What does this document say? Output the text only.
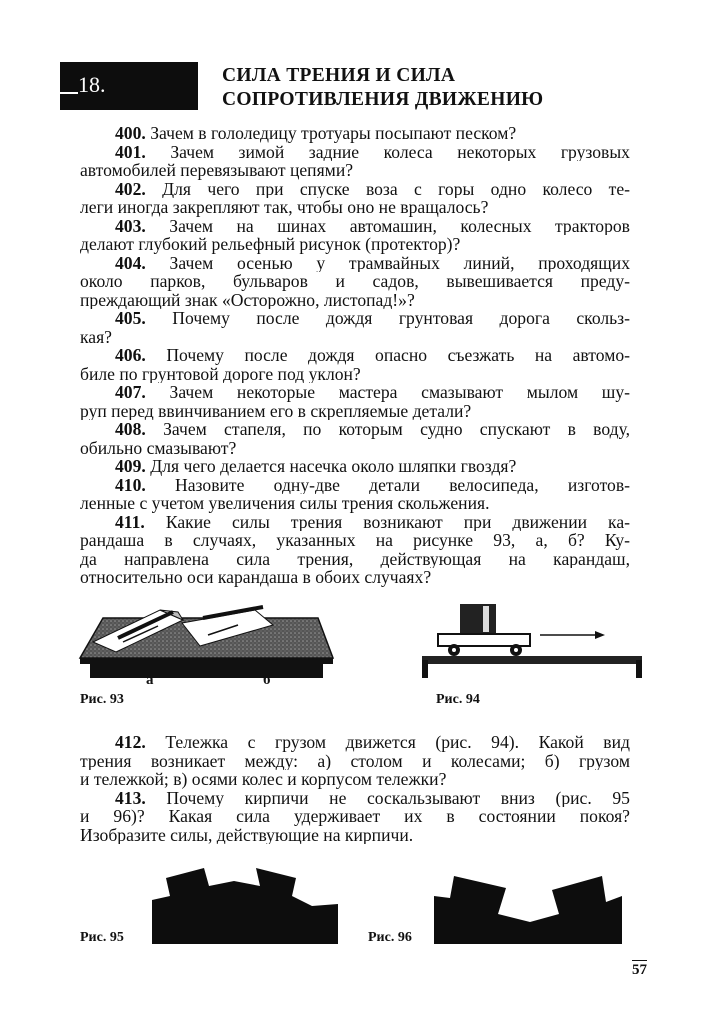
18.	СИЛА ТРЕНИЯ И СИЛА
СОПРОТИВЛЕНИЯ ДВИЖЕНИЮ
400. Зачем в гололедицу тротуары посыпают песком?
401. Зачем зимой задние колеса некоторых грузовых
автомобилей перевязывают цепями?
402. Для чего при спуске воза с горы одно колесо те-
леги иногда закрепляют так, чтобы оно не вращалось?
403. Зачем на шинах автомашин, колесных тракторов
делают глубокий рельефный рисунок (протектор)?
404. Зачем осенью у трамвайных линий, проходящих
около парков, бульваров и садов, вывешивается преду-
преждающий знак «Осторожно, листопад!»?
405. Почему после дождя грунтовая дорога скольз-
кая?
406. Почему после дождя опасно съезжать на автомо-
биле по грунтовой дороге под уклон?
407. Зачем некоторые мастера смазывают мылом шу-
руп перед ввинчиванием его в скрепляемые детали?
408. Зачем стапеля, по которым судно спускают в воду,
обильно смазывают?
409. Для чего делается насечка около шляпки гвоздя?
410. Назовите одну-две детали велосипеда, изготов-
ленные с учетом увеличения силы трения скольжения.
411. Какие силы трения возникают при движении ка-
рандаша в случаях, указанных на рисунке 93, а, б? Ку-
да направлена сила трения, действующая на карандаш,
относительно оси карандаша в обоих случаях?
а	б
Рис. 93	Рис. 94
412. Тележка с грузом движется (рис. 94). Какой вид
трения возникает между: а) столом и колесами; б) грузом
и тележкой; в) осями колес и корпусом тележки?
413. Почему кирпичи не соскальзывают вниз (рис. 95
и 96)? Какая сила удерживает их в состоянии покоя?
Изобразите силы, действующие на кирпичи.
Рис. 95	Рис. 96
57
